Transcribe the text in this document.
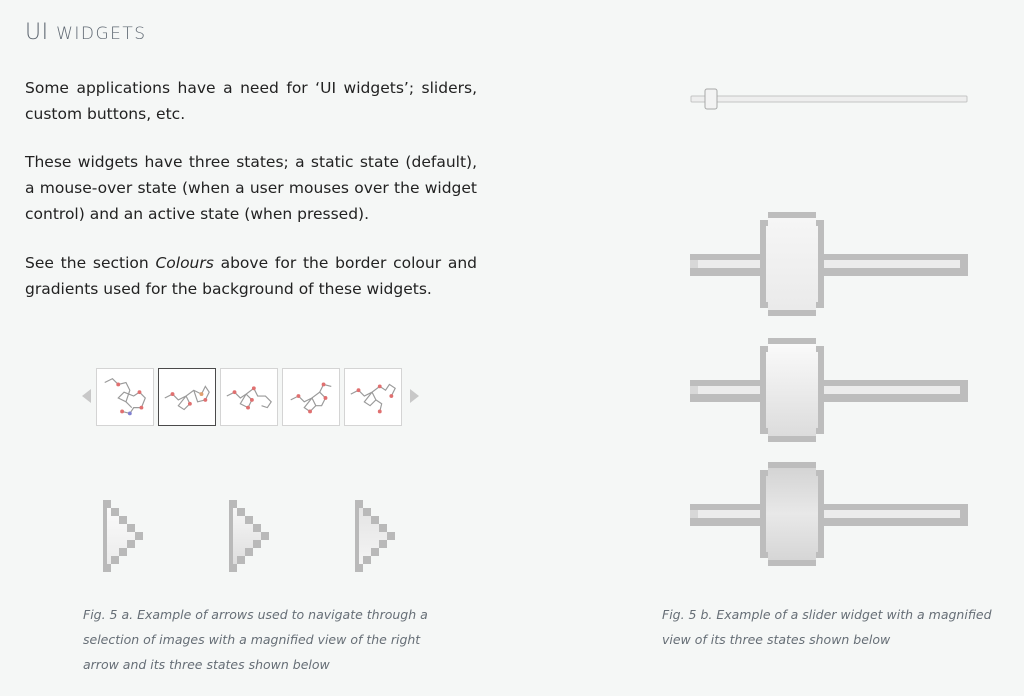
UI WIDGETS

Some applications have a need for ‘UI widgets’; sliders, custom buttons, etc.

These widgets have three states; a static state (default), a mouse-over state (when a user mouses over the widget control) and an active state (when pressed).

See the section Colours above for the border colour and gradients used for the background of these widgets.

Fig. 5 a. Example of arrows used to navigate through a selection of images with a magnified view of the right arrow and its three states shown below

Fig. 5 b. Example of a slider widget with a magnified view of its three states shown below
